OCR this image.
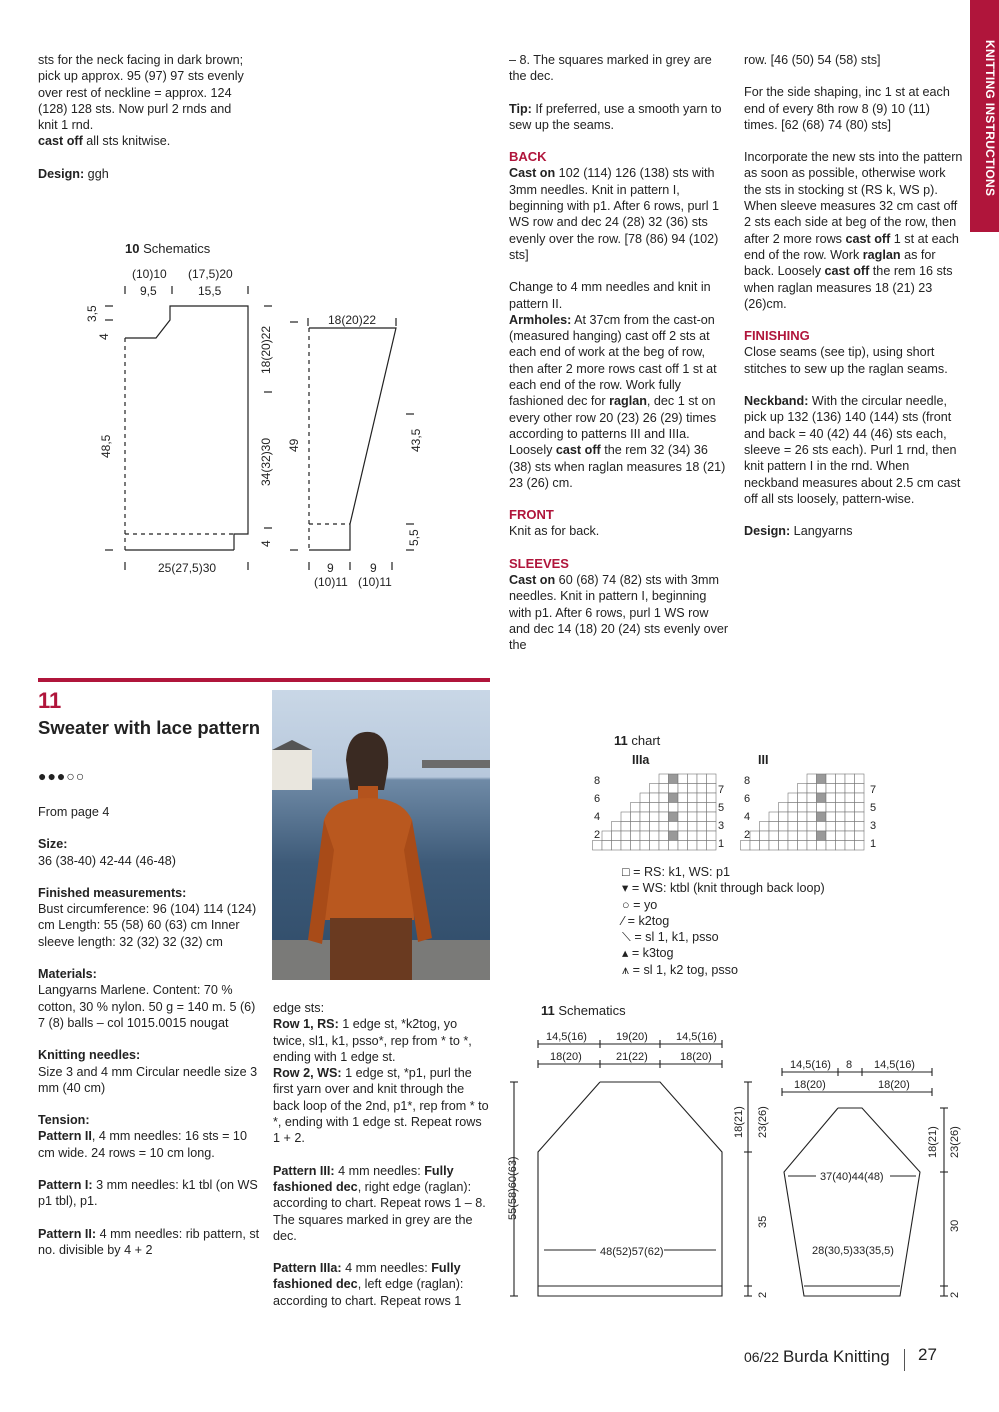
KNITTING INSTRUCTIONS

sts for the neck facing in dark brown; pick up approx. 95 (97) 97 sts evenly over rest of neckline = approx. 124 (128) 128 sts. Now purl 2 rnds and knit 1 rnd.

cast off all sts knitwise.

Design: ggh

10 Schematics
(10)10
9,5
(17,5)20
15,5
3,5
4
48,5
18(20)22
34(32)30
4
25(27,5)30
18(20)22
49	43,5
5,5
9	9
(10)11 (10)11

– 8. The squares marked in grey are the dec.

Tip: If preferred, use a smooth yarn to sew up the seams.

BACK

Cast on 102 (114) 126 (138) sts with 3mm needles. Knit in pattern I, beginning with p1. After 6 rows, purl 1 WS row and dec 24 (28) 32 (36) sts evenly over the row. [78 (86) 94 (102) sts]

Change to 4 mm needles and knit in pattern II.

Armholes: At 37cm from the cast-on (measured hanging) cast off 2 sts at each end of work at the beg of row, then after 2 more rows cast off 1 st at each end of the row. Work fully fashioned dec for raglan, dec 1 st on every other row 20 (23) 26 (29) times according to patterns III and IIIa. Loosely cast off the rem 32 (34) 36 (38) sts when raglan measures 18 (21) 23 (26) cm.

FRONT

Knit as for back.

SLEEVES

Cast on 60 (68) 74 (82) sts with 3mm needles. Knit in pattern I, beginning with p1. After 6 rows, purl 1 WS row and dec 14 (18) 20 (24) sts evenly over the

row. [46 (50) 54 (58) sts]

For the side shaping, inc 1 st at each end of every 8th row 8 (9) 10 (11) times. [62 (68) 74 (80) sts]

Incorporate the new sts into the pattern as soon as possible, otherwise work the sts in stocking st (RS k, WS p). When sleeve measures 32 cm cast off 2 sts each side at beg of the row, then after 2 more rows cast off 1 st at each end of the row. Work raglan as for back. Loosely cast off the rem 16 sts when raglan measures 18 (21) 23 (26)cm.

FINISHING

Close seams (see tip), using short stitches to sew up the raglan seams.

Neckband: With the circular needle, pick up 132 (136) 140 (144) sts (front and back = 40 (42) 44 (46) sts each, sleeve = 26 sts each). Purl 1 rnd, then knit pattern I in the rnd. When neckband measures about 2.5 cm cast off all sts loosely, pattern-wise.

Design: Langyarns

11
Sweater with lace pattern
●●●○○

From page 4

Size:

36 (38-40) 42-44 (46-48)

Finished measurements:

Bust circumference: 96 (104) 114 (124) cm Length: 55 (58) 60 (63) cm Inner sleeve length: 32 (32) 32 (32) cm

Materials:

Langyarns Marlene. Content: 70 % cotton, 30 % nylon. 50 g = 140 m. 5 (6) 7 (8) balls – col 1015.0015 nougat

Knitting needles:

Size 3 and 4 mm Circular needle size 3 mm (40 cm)

Tension:

Pattern II, 4 mm needles: 16 sts = 10 cm wide. 24 rows = 10 cm long.

Pattern I: 3 mm needles: k1 tbl (on WS p1 tbl), p1.

Pattern II: 4 mm needles: rib pattern, st no. divisible by 4 + 2

edge sts:

Row 1, RS: 1 edge st, *k2tog, yo twice, sl1, k1, psso*, rep from * to *, ending with 1 edge st.

Row 2, WS: 1 edge st, *p1, purl the first yarn over and knit through the back loop of the 2nd, p1*, rep from * to *, ending with 1 edge st. Repeat rows 1 + 2.

Pattern III: 4 mm needles: Fully fashioned dec, right edge (raglan): according to chart. Repeat rows 1 – 8. The squares marked in grey are the dec.

Pattern IIIa: 4 mm needles: Fully fashioned dec, left edge (raglan): according to chart. Repeat rows 1

11 chart
IIIa	III
8
6
4
2
7
5
3
1
8
6
4
2
7
5
3
1
□ = RS: k1, WS: p1
▾ = WS: ktbl (knit through back loop)
○ = yo
⁄ = k2tog
⟍ = sl 1, k1, psso
▴ = k3tog
⩚ = sl 1, k2 tog, psso
11 Schematics
14,5(16)	19(20)	14,5(16)
18(20)	21(22)	18(20)
55(58)60(63)
48(52)57(62)
18(21) 23(26)
35
2
14,5(16) 8 14,5(16)
18(20)	18(20)
37(40)44(48)
28(30,5)33(35,5)
18(21) 23(26)
30
2
06/22 Burda Knitting 27
